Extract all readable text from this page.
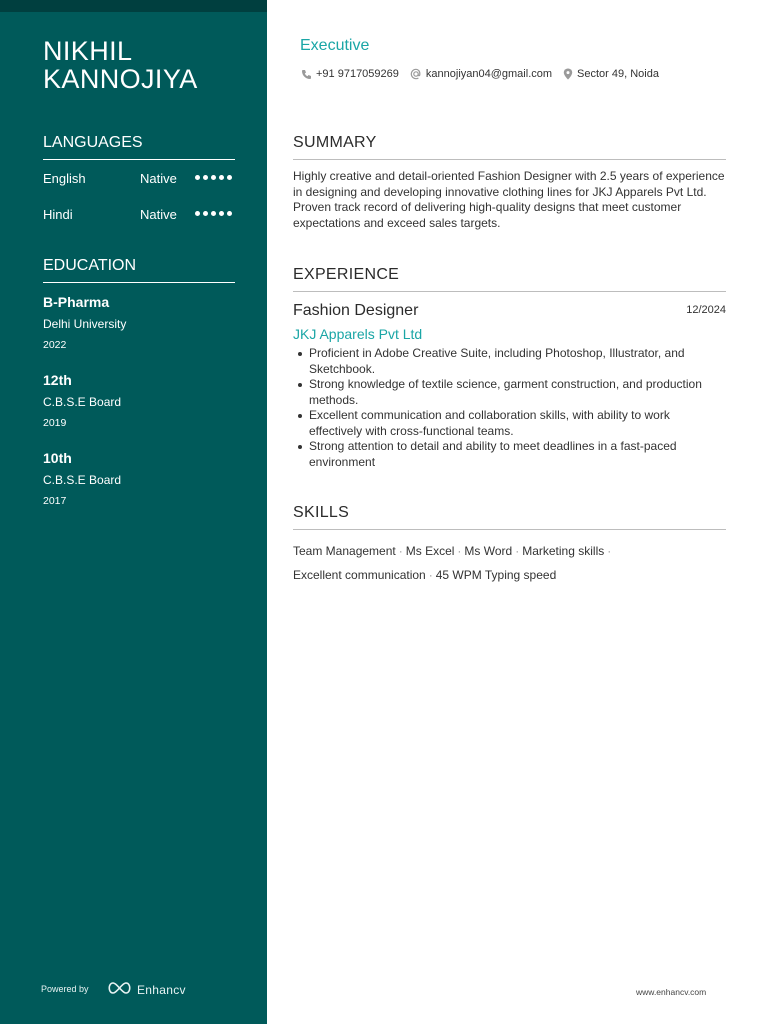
NIKHIL KANNOJIYA
LANGUAGES
English	Native
Hindi	Native
EDUCATION
B-Pharma
Delhi University
2022
12th
C.B.S.E Board
2019
10th
C.B.S.E Board
2017
Powered by	Enhancv
Executive
+91 9717059269 kannojiyan04@gmail.com Sector 49, Noida
SUMMARY
Highly creative and detail-oriented Fashion Designer with 2.5 years of experience in designing and developing innovative clothing lines for JKJ Apparels Pvt Ltd. Proven track record of delivering high-quality designs that meet customer expectations and exceed sales targets.
EXPERIENCE
Fashion Designer	12/2024
JKJ Apparels Pvt Ltd
Proficient in Adobe Creative Suite, including Photoshop, Illustrator, and Sketchbook.
Strong knowledge of textile science, garment construction, and production methods.
Excellent communication and collaboration skills, with ability to work effectively with cross-functional teams.
Strong attention to detail and ability to meet deadlines in a fast-paced environment
SKILLS
Team Management · Ms Excel · Ms Word · Marketing skills ·
Excellent communication · 45 WPM Typing speed
www.enhancv.com
